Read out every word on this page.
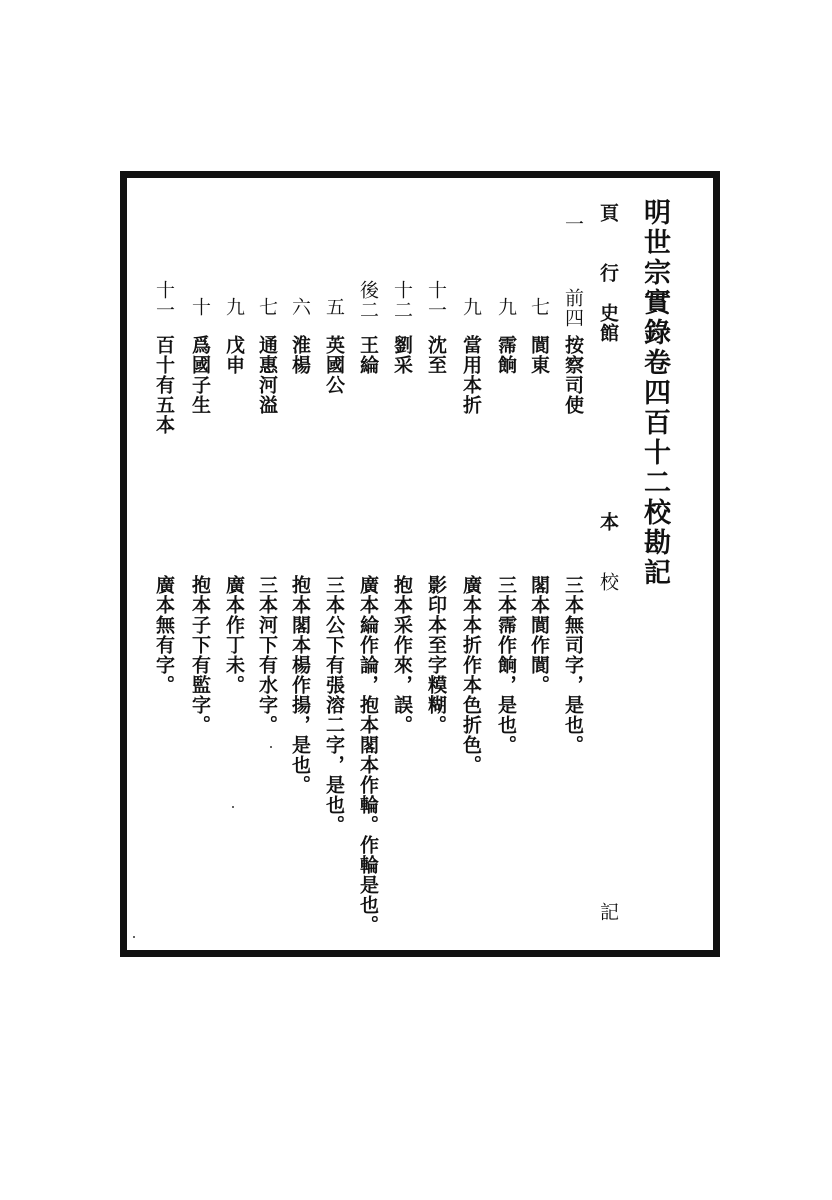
明世宗實錄卷四百十二校勘記
頁
行
史館
本
校
記
一
前四
按察司使
三本無司字，是也。
七
閬東
閣本閬作閬。
九
霈餉
三本霈作餉，是也。
九
當用本折
廣本本折作本色折色。
十一
沈至
影印本至字糢糊。
十二
劉采
抱本采作來，誤。
後二
王綸
廣本綸作論，抱本閣本作輪。作輪是也。
五
英國公
三本公下有張溶二字，是也。
六
淮楊
抱本閣本楊作揚，是也。
七
通惠河溢
三本河下有水字。
九
戊申
廣本作丁未。
十
爲國子生
抱本子下有監字。
十一
百十有五本
廣本無有字。
